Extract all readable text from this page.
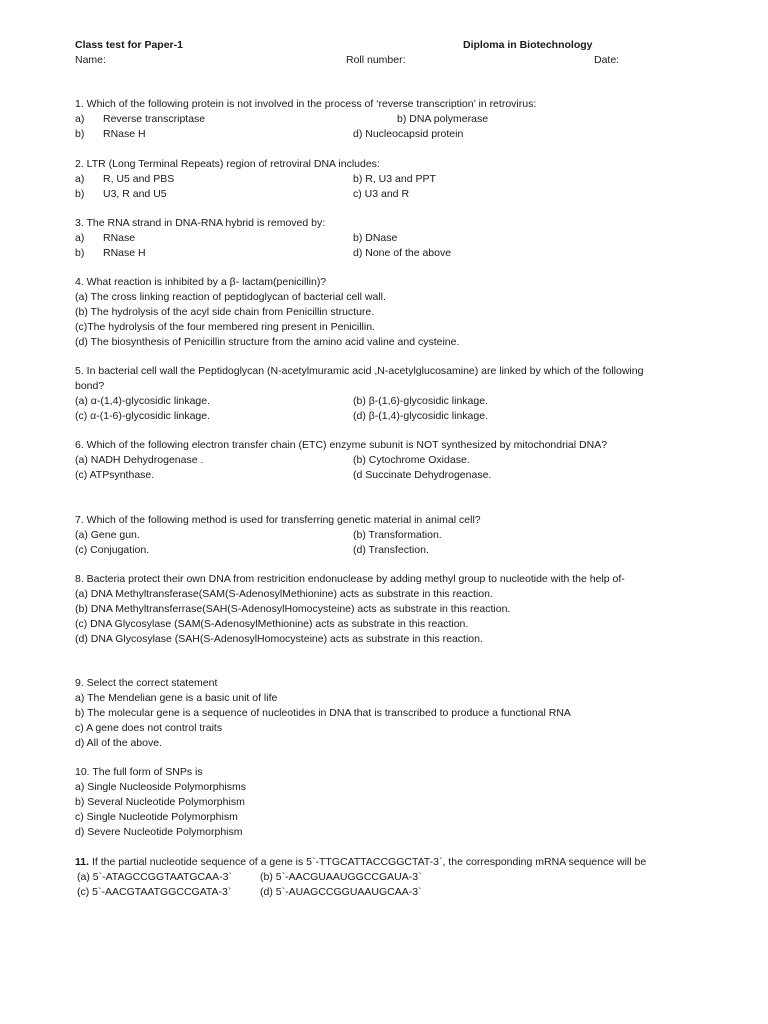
Class test for Paper-1	Diploma in Biotechnology
Name:	Roll number:	Date:
1. Which of the following protein is not involved in the process of ‘reverse transcription’ in retrovirus:
a) Reverse transcriptase	b) DNA polymerase
b) RNase H	d) Nucleocapsid protein
2. LTR (Long Terminal Repeats) region of retroviral DNA includes:
a) R, U5 and PBS	b) R, U3 and PPT
b) U3, R and U5	c) U3 and R
3. The RNA strand in DNA-RNA hybrid is removed by:
a) RNase	b) DNase
b) RNase H	d) None of the above
4. What reaction is inhibited by a β- lactam(penicillin)?
(a) The cross linking reaction of peptidoglycan of bacterial cell wall.
(b) The hydrolysis of the acyl side chain from Penicillin structure.
(c)The hydrolysis of the four membered ring present in Penicillin.
(d) The biosynthesis of Penicillin structure from the amino acid valine and cysteine.
5. In bacterial cell wall the Peptidoglycan (N-acetylmuramic acid ,N-acetylglucosamine) are linked by which of the following bond?
(a) α-(1,4)-glycosidic linkage.	(b) β-(1,6)-glycosidic linkage.
(c) α-(1-6)-glycosidic linkage.	(d) β-(1,4)-glycosidic linkage.
6. Which of the following electron transfer chain (ETC) enzyme subunit is NOT synthesized by mitochondrial DNA?
(a) NADH Dehydrogenase .	(b) Cytochrome Oxidase.
(c) ATPsynthase.	(d Succinate Dehydrogenase.
7. Which of the following method is used for transferring genetic material in animal cell?
(a) Gene gun.	(b) Transformation.
(c) Conjugation.	(d) Transfection.
8. Bacteria protect their own DNA from restricition endonuclease by adding methyl group to nucleotide with the help of-
(a) DNA Methyltransferase(SAM(S-AdenosylMethionine) acts as substrate in this reaction.
(b) DNA Methyltransferrase(SAH(S-AdenosylHomocysteine) acts as substrate in this reaction.
(c) DNA Glycosylase (SAM(S-AdenosylMethionine) acts as substrate in this reaction.
(d) DNA Glycosylase (SAH(S-AdenosylHomocysteine) acts as substrate in this reaction.
9. Select the correct statement
a) The Mendelian gene is a basic unit of life
b) The molecular gene is a sequence of nucleotides in DNA that is transcribed to produce a functional RNA
c) A gene does not control traits
d) All of the above.
10. The full form of SNPs is
a) Single Nucleoside Polymorphisms
b) Several Nucleotide Polymorphism
c) Single Nucleotide Polymorphism
d) Severe Nucleotide Polymorphism
11. If the partial nucleotide sequence of a gene is 5`-TTGCATTACCGGCTAT-3`, the corresponding mRNA sequence will be
(a) 5`-ATAGCCGGTAATGCAA-3`	(b) 5`-AACGUAAUGGCCGAUA-3`
(c) 5`-AACGTAATGGCCGATA-3`	(d) 5`-AUAGCCGGUAAUGCAA-3`
